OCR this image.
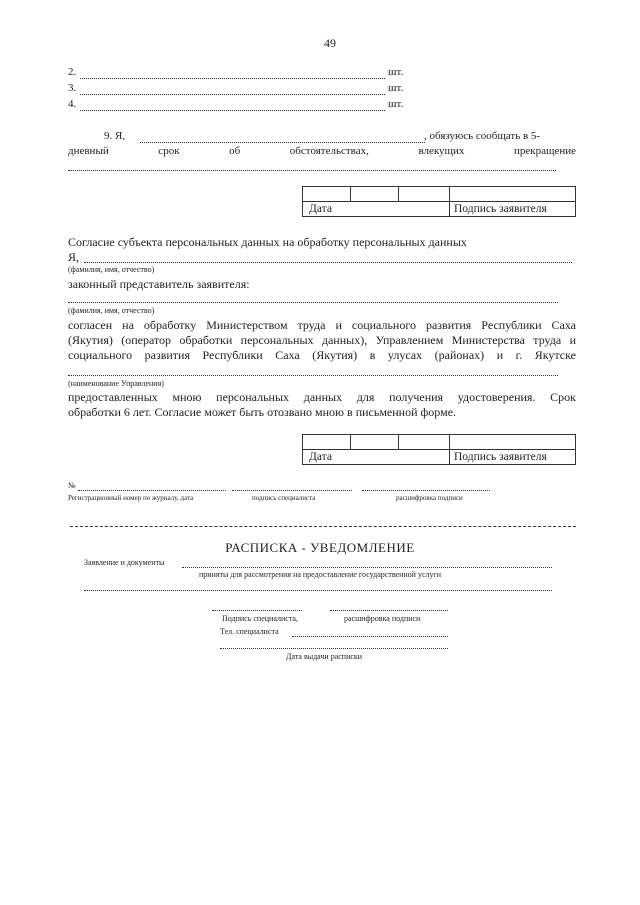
49
2.	шт.
3.	шт.
4.	шт.
9. Я,	, обязуюсь сообщать в 5-
дневный срок об обстоятельствах, влекущих прекращение

Дата			Подпись заявителя
Согласие субъекта персональных данных на обработку персональных данных
Я,
(фамилия, имя, отчество)
законный представитель заявителя:
(фамилия, имя, отчество)
согласен на обработку Министерством труда и социального развития Республики Саха
(Якутия) (оператор обработки персональных данных), Управлением Министерства труда и
социального развития Республики Саха (Якутия) в улусах (районах) и г. Якутске
(наименование Управления)
предоставленных мною персональных данных для получения удостоверения. Срок
обработки 6 лет. Согласие может быть отозвано мною в письменной форме.

Дата			Подпись заявителя
№
Регистрационный номер по журналу, дата	подпись специалиста	расшифровка подписи
РАСПИСКА - УВЕДОМЛЕНИЕ
Заявление и документы
приняты для рассмотрения на предоставление государственной услуги
Подпись специалиста,	расшифровка подписи
Тел. специалиста
Дата выдачи расписки
